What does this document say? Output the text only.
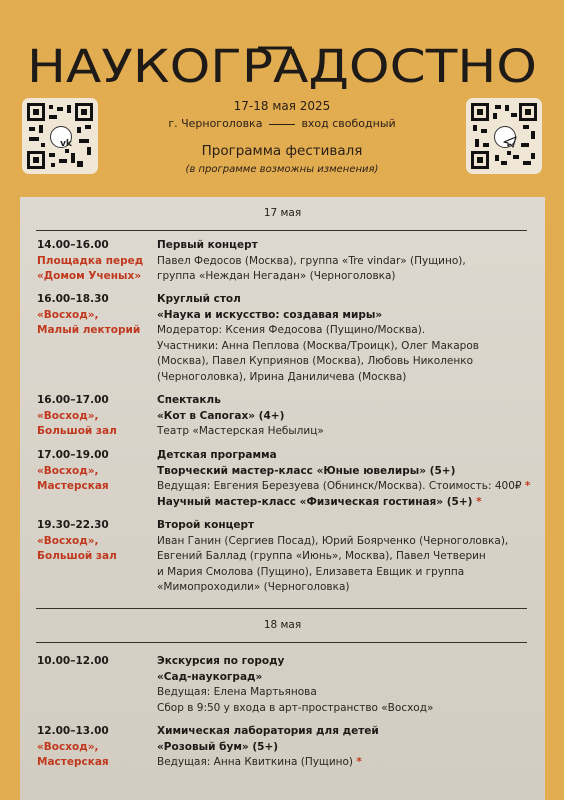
НАУКОГРАДОСТНО
vk
17-18 мая 2025
г. Черноголовка	вход свободный
Программа фестиваля
(в программе возможны изменения)
17 мая
14.00–16.00
Площадка перед
«Домом Ученых»
Первый концерт
Павел Федосов (Москва), группа «Tre vindar» (Пущино),
группа «Неждан Негадан» (Черноголовка)
16.00–18.30
«Восход»,
Малый лекторий
Круглый стол
«Наука и искусство: создавая миры»
Модератор: Ксения Федосова (Пущино/Москва).
Участники: Анна Пеплова (Москва/Троицк), Олег Макаров
(Москва), Павел Куприянов (Москва), Любовь Николенко
(Черноголовка), Ирина Даниличева (Москва)
16.00–17.00
«Восход»,
Большой зал
Спектакль
«Кот в Сапогах» (4+)
Театр «Мастерская Небылиц»
17.00–19.00
«Восход»,
Мастерская
Детская программа
Творческий мастер-класс «Юные ювелиры» (5+)
Ведущая: Евгения Березуева (Обнинск/Москва). Стоимость: 400₽ *
Научный мастер-класс «Физическая гостиная» (5+) *
19.30–22.30
«Восход»,
Большой зал
Второй концерт
Иван Ганин (Сергиев Посад), Юрий Боярченко (Черноголовка),
Евгений Баллад (группа «Июнь», Москва), Павел Четверин
и Мария Смолова (Пущино), Елизавета Евщик и группа
«Мимопроходили» (Черноголовка)
18 мая
10.00–12.00	Экскурсия по городу
«Сад-наукоград»
Ведущая: Елена Мартьянова
Сбор в 9:50 у входа в арт-пространство «Восход»
12.00–13.00
«Восход»,
Мастерская
Химическая лаборатория для детей
«Розовый бум» (5+)
Ведущая: Анна Квиткина (Пущино) *
